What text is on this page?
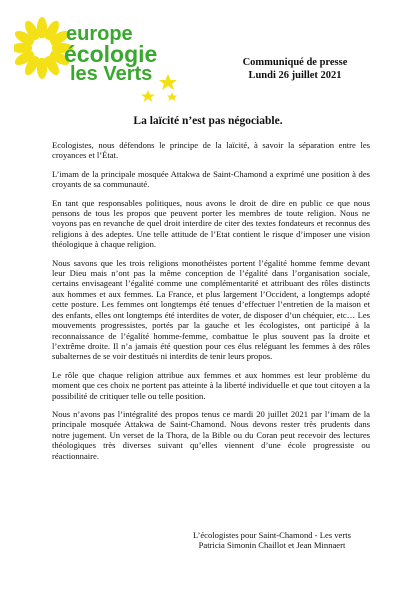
europe
écologie
les Verts
Communiqué de presse
Lundi 26 juillet 2021
La laïcité n’est pas négociable.

Ecologistes, nous défendons le principe de la laïcité, à savoir la séparation entre les croyances et l’État.

L’imam de la principale mosquée Attakwa de Saint-Chamond a exprimé une position à des croyants de sa communauté.

En tant que responsables politiques, nous avons le droit de dire en public ce que nous pensons de tous les propos que peuvent porter les membres de toute religion. Nous ne voyons pas en revanche de quel droit interdire de citer des textes fondateurs et reconnus des religions à des adeptes. Une telle attitude de l’Etat contient le risque d’imposer une vision théologique à chaque religion.

Nous savons que les trois religions monothéistes portent l’égalité homme femme devant leur Dieu mais n’ont pas la même conception de l’égalité dans l’organisation sociale, certains envisageant l’égalité comme une complémentarité et attribuant des rôles distincts aux hommes et aux femmes. La France, et plus largement l’Occident, a longtemps adopté cette posture. Les femmes ont longtemps été tenues d’effectuer l’entretien de la maison et des enfants, elles ont longtemps été interdites de voter, de disposer d’un chéquier, etc… Les mouvements progressistes, portés par la gauche et les écologistes, ont participé à la reconnaissance de l’égalité homme-femme, combattue le plus souvent pas la droite et l’extrême droite. Il n’a jamais été question pour ces élus reléguant les femmes à des rôles subalternes de se voir destitués ni interdits de tenir leurs propos.

Le rôle que chaque religion attribue aux femmes et aux hommes est leur problème du moment que ces choix ne portent pas atteinte à la liberté individuelle et que tout citoyen a la possibilité de critiquer telle ou telle position.

Nous n’avons pas l’intégralité des propos tenus ce mardi 20 juillet 2021 par l’imam de la principale mosquée Attakwa de Saint-Chamond. Nous devons rester très prudents dans notre jugement. Un verset de la Thora, de la Bible ou du Coran peut recevoir des lectures théologiques très diverses suivant qu’elles viennent d’une école progressiste ou réactionnaire.

L’écologistes pour Saint-Chamond - Les verts
Patricia Simonin Chaillot et Jean Minnaert
